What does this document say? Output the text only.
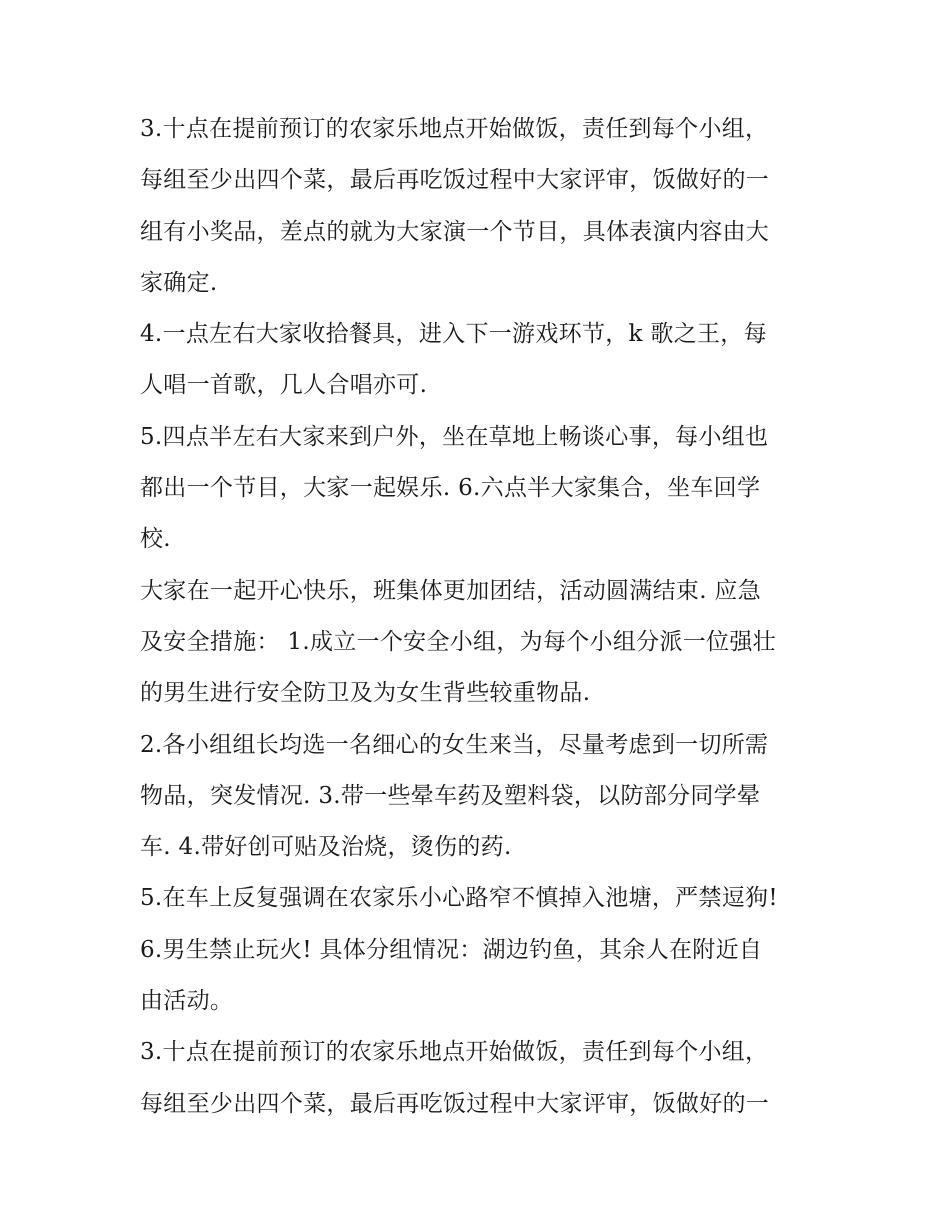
3.十点在提前预订的农家乐地点开始做饭，责任到每个小组，
每组至少出四个菜，最后再吃饭过程中大家评审，饭做好的一
组有小奖品，差点的就为大家演一个节目，具体表演内容由大
家确定.
4.一点左右大家收拾餐具，进入下一游戏环节，k 歌之王，每
人唱一首歌，几人合唱亦可.
5.四点半左右大家来到户外，坐在草地上畅谈心事，每小组也
都出一个节目，大家一起娱乐. 6.六点半大家集合，坐车回学
校.
大家在一起开心快乐，班集体更加团结，活动圆满结束. 应急
及安全措施： 1.成立一个安全小组，为每个小组分派一位强壮
的男生进行安全防卫及为女生背些较重物品.
2.各小组组长均选一名细心的女生来当，尽量考虑到一切所需
物品，突发情况. 3.带一些晕车药及塑料袋，以防部分同学晕
车. 4.带好创可贴及治烧，烫伤的药.
5.在车上反复强调在农家乐小心路窄不慎掉入池塘，严禁逗狗!
6.男生禁止玩火! 具体分组情况：湖边钓鱼，其余人在附近自
由活动。
3.十点在提前预订的农家乐地点开始做饭，责任到每个小组，
每组至少出四个菜，最后再吃饭过程中大家评审，饭做好的一
